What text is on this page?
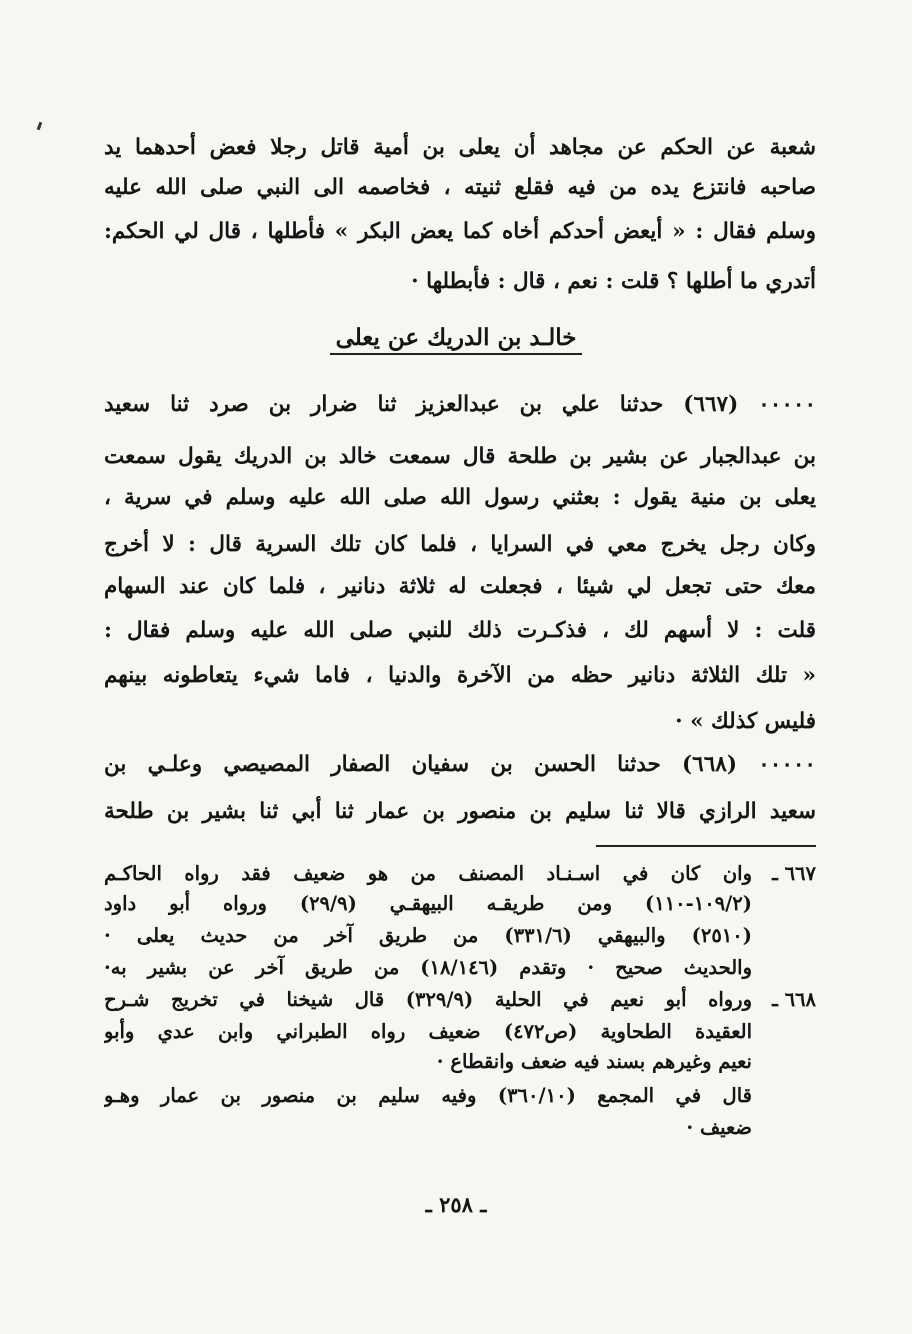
شعبة عن الحكم عن مجاهد أن يعلى بن أمية قاتل رجلا فعض أحدهما يد
صاحبه فانتزع يده من فيه فقلع ثنيته ، فخاصمه الى النبي صلى الله عليه
وسلم فقال : « أيعض أحدكم أخاه كما يعض البكر » فأطلها ، قال لي الحكم:
أتدري ما أطلها ؟ قلت : نعم ، قال : فأبطلها ·
خالـد بن الدريك عن يعلى
٠٠٠٠٠ (٦٦٧) حدثنا علي بن عبدالعزيز ثنا ضرار بن صرد ثنا سعيد
بن عبدالجبار عن بشير بن طلحة قال سمعت خالد بن الدريك يقول سمعت
يعلى بن منية يقول : بعثني رسول الله صلى الله عليه وسلم في سرية ،
وكان رجل يخرج معي في السرايا ، فلما كان تلك السرية قال : لا أخرج
معك حتى تجعل لي شيئا ، فجعلت له ثلاثة دنانير ، فلما كان عند السهام
قلت : لا أسهم لك ، فذكـرت ذلك للنبي صلى الله عليه وسلم فقال :
« تلك الثلاثة دنانير حظه من الآخرة والدنيا ، فاما شيء يتعاطونه بينهم
فليس كذلك » ·
٠٠٠٠٠ (٦٦٨) حدثنا الحسن بن سفيان الصفار المصيصي وعلـي بن
سعيد الرازي قالا ثنا سليم بن منصور بن عمار ثنا أبي ثنا بشير بن طلحة
٦٦٧ ـ
وان كان في اسـنـاد المصنف من هو ضعيف فقد رواه الحاكـم
(١٠٩/٢-١١٠) ومن طريقـه البيهقـي (٢٩/٩) ورواه أبو داود
(٢٥١٠) والبيهقي (٣٣١/٦) من طريق آخر من حديث يعلى ·
والحديث صحيح · وتقدم (١٨/١٤٦) من طريق آخر عن بشير به·
٦٦٨ ـ
ورواه أبو نعيم في الحلية (٣٢٩/٩) قال شيخنا في تخريج شـرح
العقيدة الطحاوية (ص٤٧٢) ضعيف رواه الطبراني وابن عدي وأبو
نعيم وغيرهم بسند فيه ضعف وانقطاع ·
قال في المجمع (٣٦٠/١٠) وفيه سليم بن منصور بن عمار وهـو
ضعيف ·
ـ ٢٥٨ ـ
